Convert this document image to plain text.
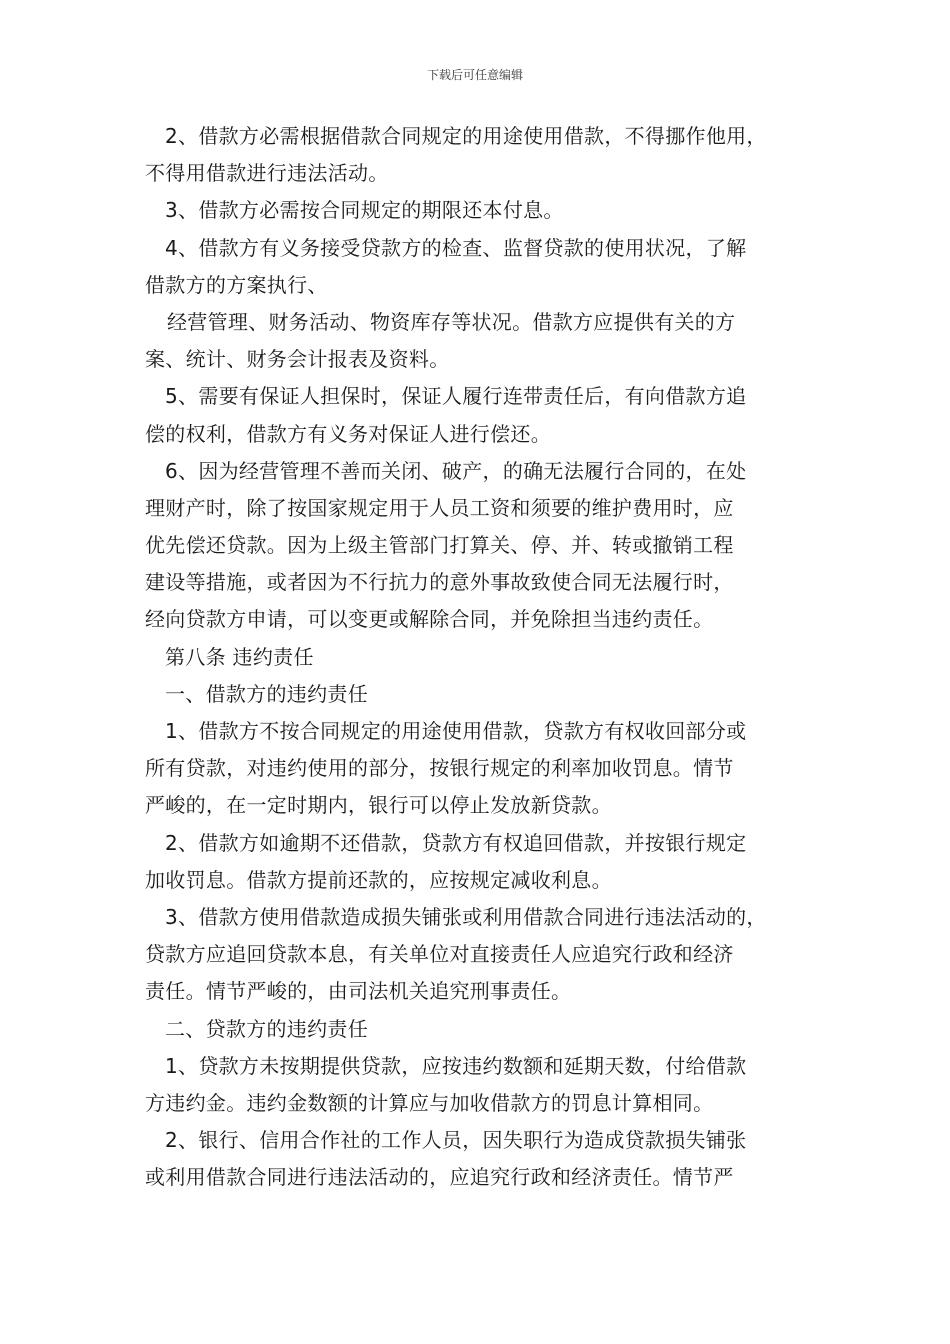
下载后可任意编辑
2、借款方必需根据借款合同规定的用途使用借款，不得挪作他用，
不得用借款进行违法活动。
3、借款方必需按合同规定的期限还本付息。
4、借款方有义务接受贷款方的检查、监督贷款的使用状况，了解
借款方的方案执行、
经营管理、财务活动、物资库存等状况。借款方应提供有关的方
案、统计、财务会计报表及资料。
5、需要有保证人担保时，保证人履行连带责任后，有向借款方追
偿的权利，借款方有义务对保证人进行偿还。
6、因为经营管理不善而关闭、破产，的确无法履行合同的，在处
理财产时，除了按国家规定用于人员工资和须要的维护费用时，应
优先偿还贷款。因为上级主管部门打算关、停、并、转或撤销工程
建设等措施，或者因为不行抗力的意外事故致使合同无法履行时，
经向贷款方申请，可以变更或解除合同，并免除担当违约责任。
第八条 违约责任
一、借款方的违约责任
1、借款方不按合同规定的用途使用借款，贷款方有权收回部分或
所有贷款，对违约使用的部分，按银行规定的利率加收罚息。情节
严峻的，在一定时期内，银行可以停止发放新贷款。
2、借款方如逾期不还借款，贷款方有权追回借款，并按银行规定
加收罚息。借款方提前还款的，应按规定减收利息。
3、借款方使用借款造成损失铺张或利用借款合同进行违法活动的，
贷款方应追回贷款本息，有关单位对直接责任人应追究行政和经济
责任。情节严峻的，由司法机关追究刑事责任。
二、贷款方的违约责任
1、贷款方未按期提供贷款，应按违约数额和延期天数，付给借款
方违约金。违约金数额的计算应与加收借款方的罚息计算相同。
2、银行、信用合作社的工作人员，因失职行为造成贷款损失铺张
或利用借款合同进行违法活动的，应追究行政和经济责任。情节严
